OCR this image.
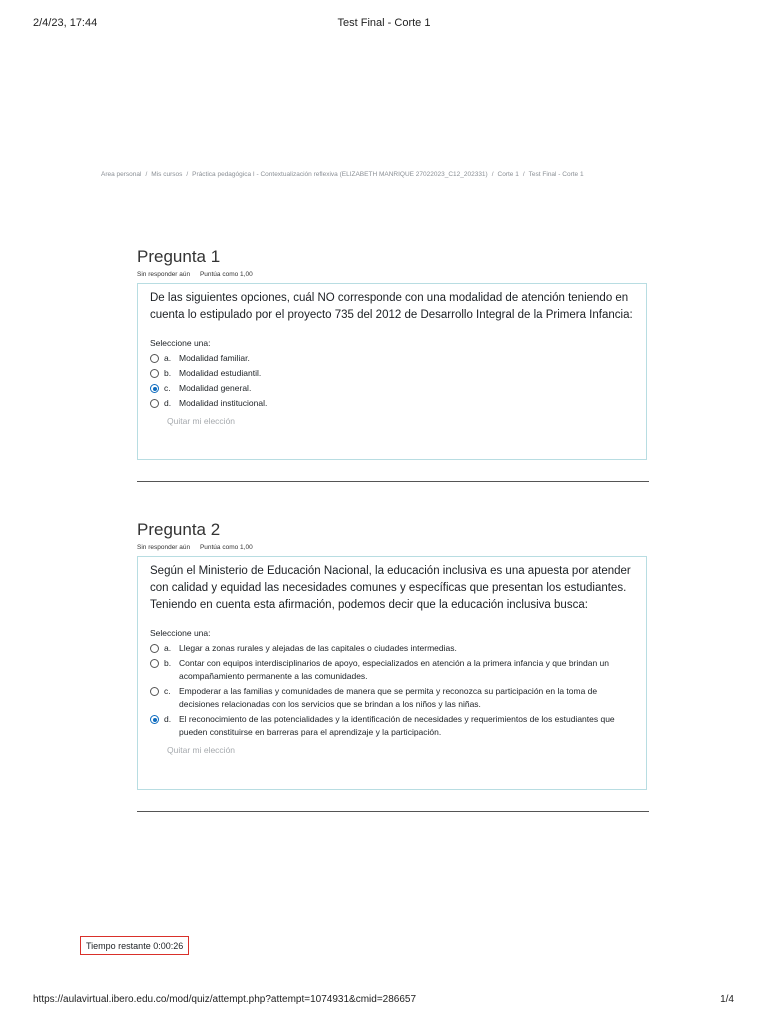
2/4/23, 17:44	Test Final - Corte 1
Área personal / Mis cursos / Práctica pedagógica I - Contextualización reflexiva (ELIZABETH MANRIQUE 27022023_C12_202331) / Corte 1 / Test Final - Corte 1
Pregunta 1
Sin responder aún Puntúa como 1,00

De las siguientes opciones, cuál NO corresponde con una modalidad de atención teniendo en cuenta lo estipulado por el proyecto 735 del 2012 de Desarrollo Integral de la Primera Infancia:

Seleccione una:
a. Modalidad familiar.
b. Modalidad estudiantil.
c. Modalidad general.
d. Modalidad institucional.
Quitar mi elección
Pregunta 2
Sin responder aún Puntúa como 1,00

Según el Ministerio de Educación Nacional, la educación inclusiva es una apuesta por atender con calidad y equidad las necesidades comunes y específicas que presentan los estudiantes. Teniendo en cuenta esta afirmación, podemos decir que la educación inclusiva busca:

Seleccione una:
a. Llegar a zonas rurales y alejadas de las capitales o ciudades intermedias.
b. Contar con equipos interdisciplinarios de apoyo, especializados en atención a la primera infancia y que brindan un acompañamiento permanente a las comunidades.
c. Empoderar a las familias y comunidades de manera que se permita y reconozca su participación en la toma de decisiones relacionadas con los servicios que se brindan a los niños y las niñas.
d. El reconocimiento de las potencialidades y la identificación de necesidades y requerimientos de los estudiantes que pueden constituirse en barreras para el aprendizaje y la participación.
Quitar mi elección
Tiempo restante 0:00:26
https://aulavirtual.ibero.edu.co/mod/quiz/attempt.php?attempt=1074931&cmid=286657	1/4
